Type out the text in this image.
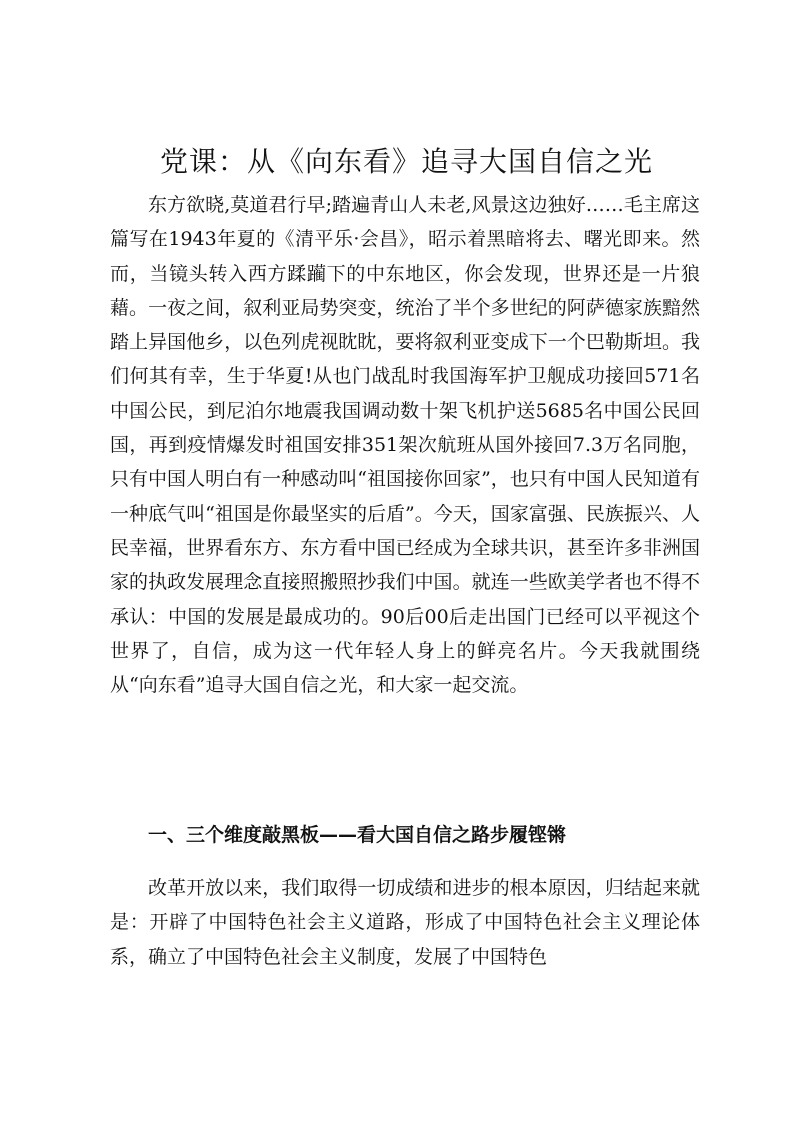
党课：从《向东看》追寻大国自信之光

东方欲晓,莫道君行早;踏遍青山人未老,风景这边独好……毛主席这篇写在1943年夏的《清平乐·会昌》，昭示着黑暗将去、曙光即来。然而，当镜头转入西方蹂躏下的中东地区，你会发现，世界还是一片狼藉。一夜之间，叙利亚局势突变，统治了半个多世纪的阿萨德家族黯然踏上异国他乡，以色列虎视眈眈，要将叙利亚变成下一个巴勒斯坦。我们何其有幸，生于华夏!从也门战乱时我国海军护卫舰成功接回571名中国公民，到尼泊尔地震我国调动数十架飞机护送5685名中国公民回国，再到疫情爆发时祖国安排351架次航班从国外接回7.3万名同胞，只有中国人明白有一种感动叫“祖国接你回家”，也只有中国人民知道有一种底气叫“祖国是你最坚实的后盾”。今天，国家富强、民族振兴、人民幸福，世界看东方、东方看中国已经成为全球共识，甚至许多非洲国家的执政发展理念直接照搬照抄我们中国。就连一些欧美学者也不得不承认：中国的发展是最成功的。90后00后走出国门已经可以平视这个世界了，自信，成为这一代年轻人身上的鲜亮名片。今天我就围绕从“向东看”追寻大国自信之光，和大家一起交流。

一、三个维度敲黑板——看大国自信之路步履铿锵

改革开放以来，我们取得一切成绩和进步的根本原因，归结起来就是：开辟了中国特色社会主义道路，形成了中国特色社会主义理论体系，确立了中国特色社会主义制度，发展了中国特色
